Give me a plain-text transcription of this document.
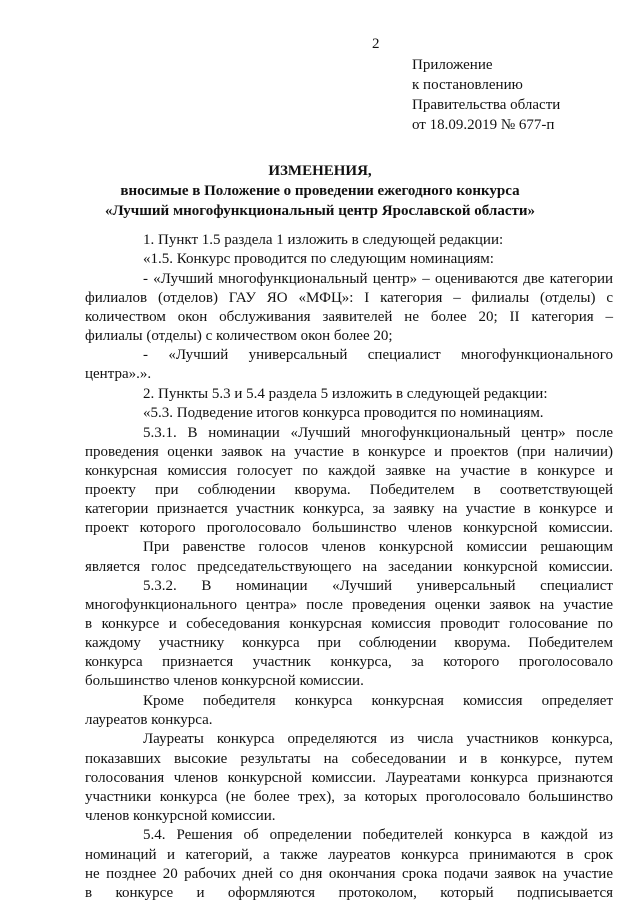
2
Приложение
к постановлению
Правительства области
от 18.09.2019 № 677-п
ИЗМЕНЕНИЯ,
вносимые в Положение о проведении ежегодного конкурса
«Лучший многофункциональный центр Ярославской области»
1. Пункт 1.5 раздела 1 изложить в следующей редакции:
«1.5. Конкурс проводится по следующим номинациям:
- «Лучший многофункциональный центр» – оцениваются две категории
филиалов (отделов) ГАУ ЯО «МФЦ»: I категория – филиалы (отделы) с
количеством окон обслуживания заявителей не более 20; II категория –
филиалы (отделы) с количеством окон более 20;
- «Лучший универсальный специалист многофункционального
центра».».
2. Пункты 5.3 и 5.4 раздела 5 изложить в следующей редакции:
«5.3. Подведение итогов конкурса проводится по номинациям.
5.3.1. В номинации «Лучший многофункциональный центр» после
проведения оценки заявок на участие в конкурсе и проектов (при наличии)
конкурсная комиссия голосует по каждой заявке на участие в конкурсе и
проекту при соблюдении кворума. Победителем в соответствующей
категории признается участник конкурса, за заявку на участие в конкурсе и
проект которого проголосовало большинство членов конкурсной комиссии.
При равенстве голосов членов конкурсной комиссии решающим
является голос председательствующего на заседании конкурсной комиссии.
5.3.2. В номинации «Лучший универсальный специалист
многофункционального центра» после проведения оценки заявок на участие
в конкурсе и собеседования конкурсная комиссия проводит голосование по
каждому участнику конкурса при соблюдении кворума. Победителем
конкурса признается участник конкурса, за которого проголосовало
большинство членов конкурсной комиссии.
Кроме победителя конкурса конкурсная комиссия определяет
лауреатов конкурса.
Лауреаты конкурса определяются из числа участников конкурса,
показавших высокие результаты на собеседовании и в конкурсе, путем
голосования членов конкурсной комиссии. Лауреатами конкурса признаются
участники конкурса (не более трех), за которых проголосовало большинство
членов конкурсной комиссии.
5.4. Решения об определении победителей конкурса в каждой из
номинаций и категорий, а также лауреатов конкурса принимаются в срок
не позднее 20 рабочих дней со дня окончания срока подачи заявок на участие
в конкурсе и оформляются протоколом, который подписывается
